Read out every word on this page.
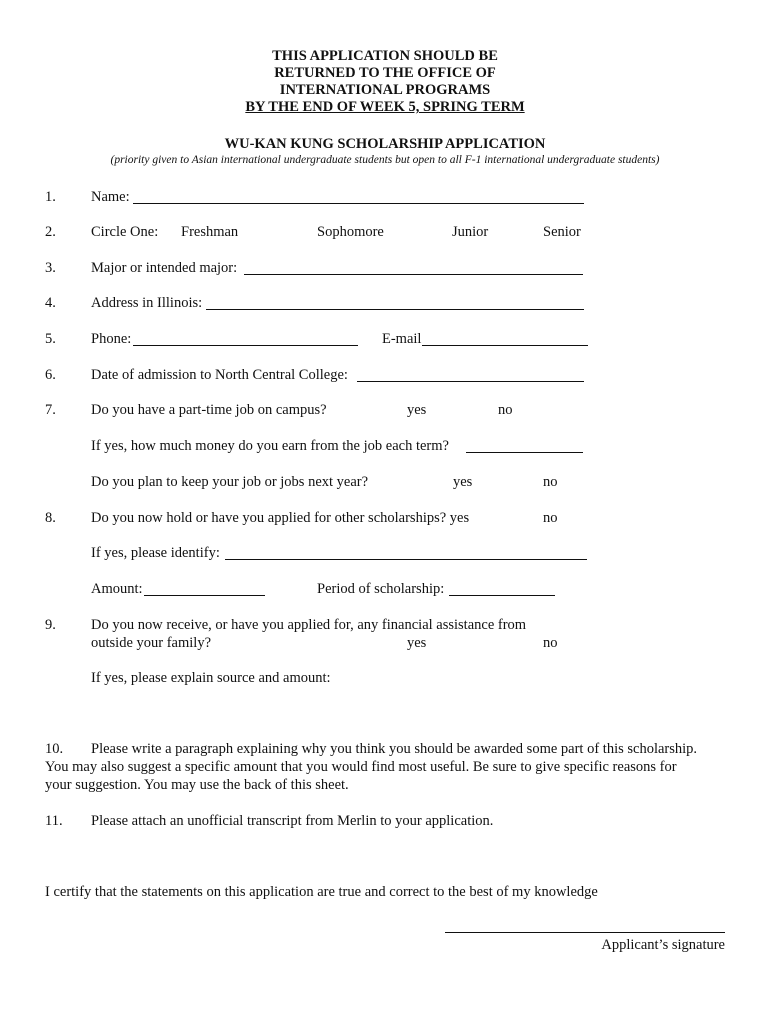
THIS APPLICATION SHOULD BE
RETURNED TO THE OFFICE OF
INTERNATIONAL PROGRAMS
BY THE END OF WEEK 5, SPRING TERM
WU-KAN KUNG SCHOLARSHIP APPLICATION
(priority given to Asian international undergraduate students but open to all F-1 international undergraduate students)
1. Name:
2. Circle One: Freshman	Sophomore	Junior	Senior
3. Major or intended major:
4. Address in Illinois:
5. Phone:	E-mail
6. Date of admission to North Central College:
7. Do you have a part-time job on campus?	yes	no
If yes, how much money do you earn from the job each term?
Do you plan to keep your job or jobs next year?	yes	no
8. Do you now hold or have you applied for other scholarships? yes	no
If yes, please identify:
Amount:	Period of scholarship:
9. Do you now receive, or have you applied for, any financial assistance from
outside your family?	yes	no
If yes, please explain source and amount:
10. Please write a paragraph explaining why you think you should be awarded some part of this scholarship.
You may also suggest a specific amount that you would find most useful. Be sure to give specific reasons for
your suggestion. You may use the back of this sheet.
11. Please attach an unofficial transcript from Merlin to your application.
I certify that the statements on this application are true and correct to the best of my knowledge
Applicant’s signature
